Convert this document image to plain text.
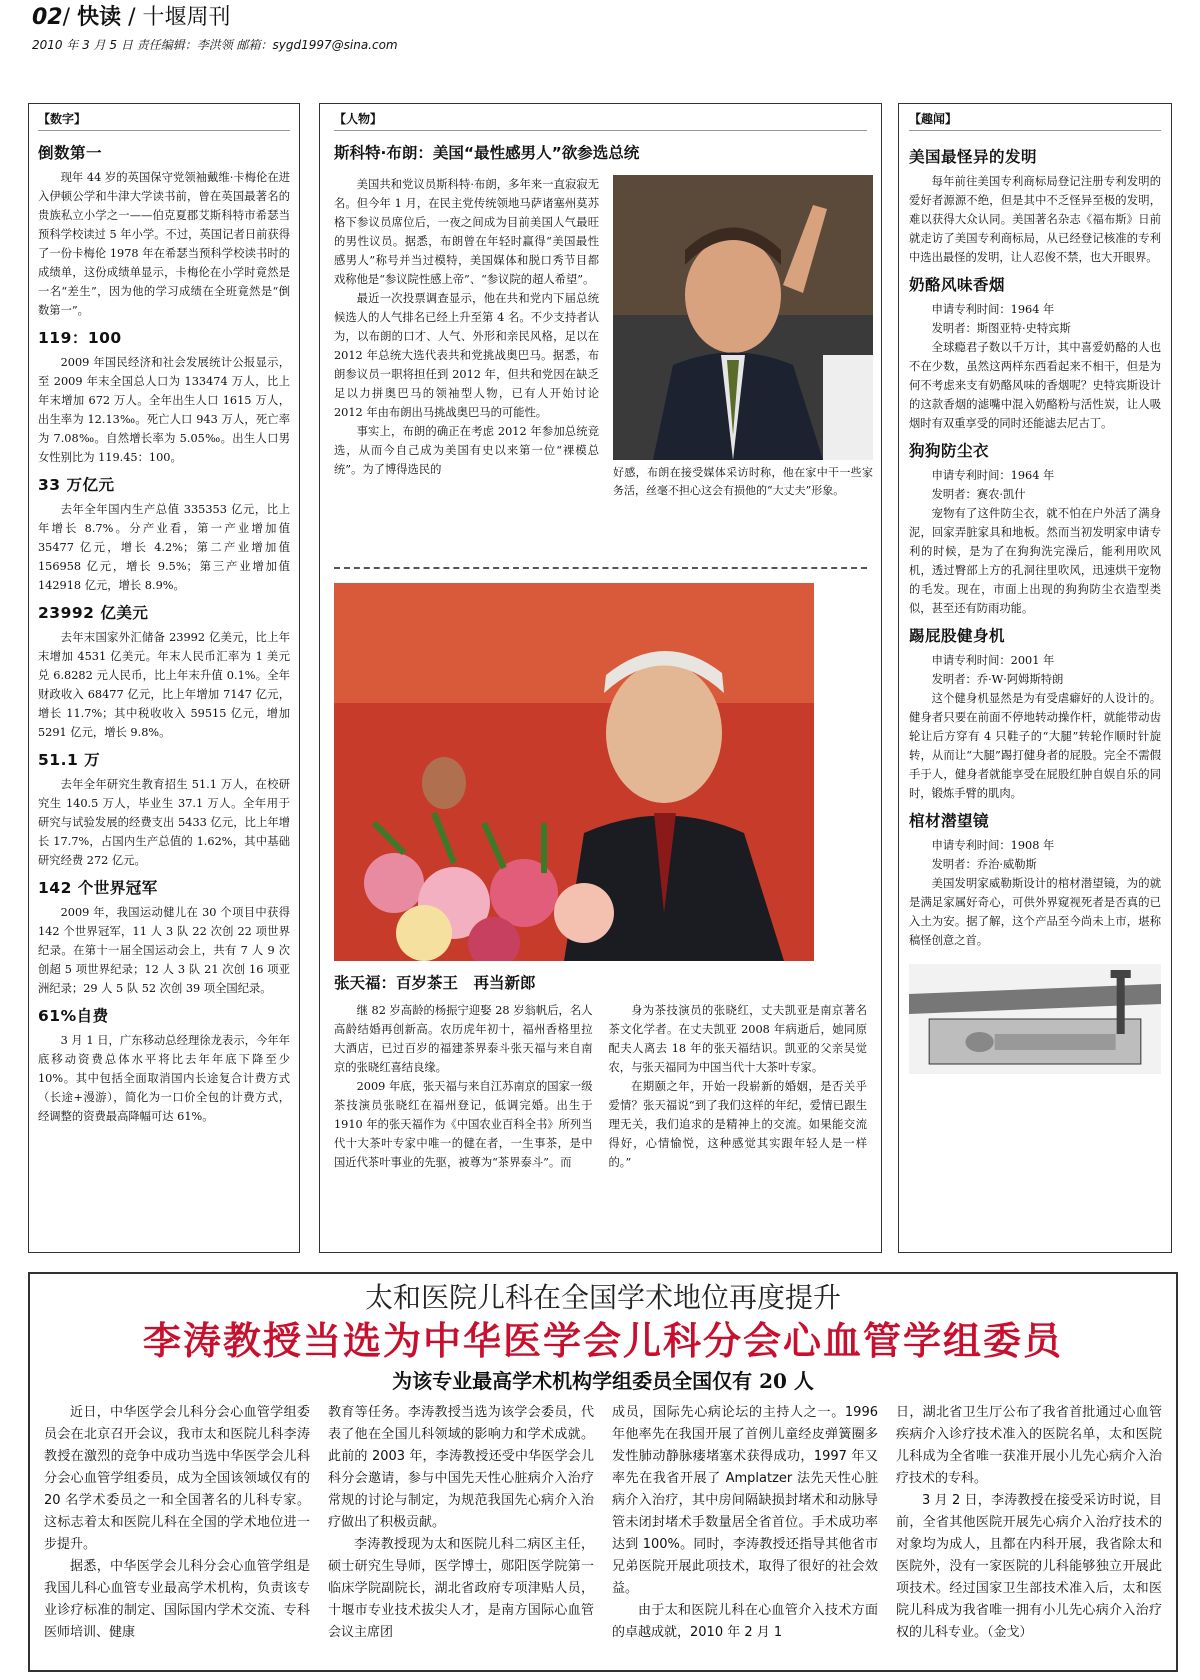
02/ 快读 / 十堰周刊
2010 年 3 月 5 日 责任编辑：李洪领 邮箱：sygd1997@sina.com
【 数字 】
倒数第一
现年 44 岁的英国保守党领袖戴维·卡梅伦在进入伊顿公学和牛津大学读书前，曾在英国最著名的贵族私立小学之一——伯克夏郡艾斯科特市希瑟当预科学校读过 5 年小学。不过，英国记者日前获得了一份卡梅伦 1978 年在希瑟当预科学校读书时的成绩单，这份成绩单显示，卡梅伦在小学时竟然是一名“差生”，因为他的学习成绩在全班竟然是“倒数第一”。
119：100
2009 年国民经济和社会发展统计公报显示，至 2009 年末全国总人口为 133474 万人，比上年末增加 672 万人。全年出生人口 1615 万人，出生率为 12.13‰。死亡人口 943 万人，死亡率为 7.08‰。自然增长率为 5.05‰。出生人口男女性别比为 119.45：100。
33 万亿元
去年全年国内生产总值 335353 亿元，比上年增长 8.7%。分产业看，第一产业增加值 35477 亿元，增长 4.2%；第二产业增加值 156958 亿元，增长 9.5%；第三产业增加值 142918 亿元，增长 8.9%。
23992 亿美元
去年末国家外汇储备 23992 亿美元，比上年末增加 4531 亿美元。年末人民币汇率为 1 美元兑 6.8282 元人民币，比上年末升值 0.1%。全年财政收入 68477 亿元，比上年增加 7147 亿元，增长 11.7%；其中税收收入 59515 亿元，增加 5291 亿元，增长 9.8%。
51.1 万
去年全年研究生教育招生 51.1 万人，在校研究生 140.5 万人，毕业生 37.1 万人。全年用于研究与试验发展的经费支出 5433 亿元，比上年增长 17.7%，占国内生产总值的 1.62%，其中基础研究经费 272 亿元。
142 个世界冠军
2009 年，我国运动健儿在 30 个项目中获得 142 个世界冠军，11 人 3 队 22 次创 22 项世界纪录。在第十一届全国运动会上，共有 7 人 9 次创超 5 项世界纪录；12 人 3 队 21 次创 16 项亚洲纪录；29 人 5 队 52 次创 39 项全国纪录。
61%自费
3 月 1 日，广东移动总经理徐龙表示，今年年底移动资费总体水平将比去年年底下降至少 10%。其中包括全面取消国内长途复合计费方式（长途+漫游），简化为一口价全包的计费方式，经调整的资费最高降幅可达 61%。
【 人物 】
斯科特·布朗：美国“最性感男人”欲参选总统
美国共和党议员斯科特·布朗，多年来一直寂寂无名。但今年 1 月，在民主党传统领地马萨诸塞州莫苏格下参议员席位后，一夜之间成为目前美国人气最旺的男性议员。据悉，布朗曾在年轻时赢得“美国最性感男人”称号并当过模特，美国媒体和脱口秀节目都戏称他是“参议院性感上帝”、“参议院的超人希望”。
最近一次投票调查显示，他在共和党内下届总统候选人的人气排名已经上升至第 4 名。不少支持者认为，以布朗的口才、人气、外形和亲民风格，足以在 2012 年总统大选代表共和党挑战奥巴马。据悉，布朗参议员一职将担任到 2012 年，但共和党因在缺乏足以力拼奥巴马的领袖型人物，已有人开始讨论 2012 年由布朗出马挑战奥巴马的可能性。
事实上，布朗的确正在考虑 2012 年参加总统竞选，从而今自己成为美国有史以来第一位“裸模总统”。为了博得选民的	好感，布朗在接受媒体采访时称，他在家中干一些家务活，丝毫不担心这会有损他的“大丈夫”形象。
张天福：百岁茶王　再当新郎
继 82 岁高龄的杨振宁迎娶 28 岁翁帆后，名人高龄结婚再创新高。农历虎年初十，福州香格里拉大酒店，已过百岁的福建茶界泰斗张天福与来自南京的张晓红喜结良缘。
2009 年底，张天福与来自江苏南京的国家一级茶技演员张晓红在福州登记，低调完婚。出生于 1910 年的张天福作为《中国农业百科全书》所列当代十大茶叶专家中唯一的健在者，一生事茶，是中国近代茶叶事业的先驱，被尊为“茶界泰斗”。而
身为茶技演员的张晓红，丈夫凯亚是南京著名茶文化学者。在丈夫凯亚 2008 年病逝后，她同原配夫人离去 18 年的张天福结识。凯亚的父亲吴觉农，与张天福同为中国当代十大茶叶专家。
在期颐之年，开始一段崭新的婚姻，是否关乎爱情？张天福说“到了我们这样的年纪，爱情已跟生理无关，我们追求的是精神上的交流。如果能交流得好，心情愉悦，这种感觉其实跟年轻人是一样的。”
【 趣闻 】
美国最怪异的发明
每年前往美国专利商标局登记注册专利发明的爱好者源源不绝，但是其中不乏怪异至极的发明，难以获得大众认同。美国著名杂志《福布斯》日前就走访了美国专利商标局，从已经登记核准的专利中选出最怪的发明，让人忍俊不禁，也大开眼界。
奶酪风味香烟
申请专利时间：1964 年
发明者：斯图亚特·史特宾斯
全球瘾君子数以千万计，其中喜爱奶酪的人也不在少数，虽然这两样东西看起来不相干，但是为何不考虑来支有奶酪风味的香烟呢？史特宾斯设计的这款香烟的滤嘴中混入奶酪粉与活性炭，让人吸烟时有双重享受的同时还能滤去尼古丁。
狗狗防尘衣
申请专利时间：1964 年
发明者：赛农·凯什
宠物有了这件防尘衣，就不怕在户外活了满身泥，回家弄脏家具和地板。然而当初发明家申请专利的时候，是为了在狗狗洗完澡后，能利用吹风机，透过臀部上方的孔洞往里吹风，迅速烘干宠物的毛发。现在，市面上出现的狗狗防尘衣造型类似，甚至还有防雨功能。
踢屁股健身机
申请专利时间：2001 年
发明者：乔·W·阿姆斯特朗
这个健身机显然是为有受虐癖好的人设计的。健身者只要在前面不停地转动操作杆，就能带动齿轮让后方穿有 4 只鞋子的“大腿”转轮作顺时针旋转，从而让“大腿”踢打健身者的屁股。完全不需假手于人，健身者就能享受在屁股红肿自娱自乐的同时，锻炼手臂的肌肉。
棺材潜望镜
申请专利时间：1908 年
发明者：乔治·威勒斯
美国发明家威勒斯设计的棺材潜望镜，为的就是满足家属好奇心，可供外界窥视死者是否真的已入土为安。据了解，这个产品至今尚未上市，堪称稿怪创意之首。
太和医院儿科在全国学术地位再度提升
李涛教授当选为中华医学会儿科分会心血管学组委员
为该专业最高学术机构学组委员全国仅有 20 人
近日，中华医学会儿科分会心血管学组委员会在北京召开会议，我市太和医院儿科李涛教授在激烈的竞争中成功当选中华医学会儿科分会心血管学组委员，成为全国该领域仅有的 20 名学术委员之一和全国著名的儿科专家。这标志着太和医院儿科在全国的学术地位进一步提升。
据悉，中华医学会儿科分会心血管学组是我国儿科心血管专业最高学术机构，负责该专业诊疗标准的制定、国际国内学术交流、专科医师培训、健康
教育等任务。李涛教授当选为该学会委员，代表了他在全国儿科领域的影响力和学术成就。此前的 2003 年，李涛教授还受中华医学会儿科分会邀请，参与中国先天性心脏病介入治疗常规的讨论与制定，为规范我国先心病介入治疗做出了积极贡献。
李涛教授现为太和医院儿科二病区主任，硕士研究生导师，医学博士，郧阳医学院第一临床学院副院长，湖北省政府专项津贴人员，十堰市专业技术拔尖人才，是南方国际心血管会议主席团
成员，国际先心病论坛的主持人之一。1996 年他率先在我国开展了首例儿童经皮弹簧圈多发性肺动静脉瘘堵塞术获得成功，1997 年又率先在我省开展了 Amplatzer 法先天性心脏病介入治疗，其中房间隔缺损封堵术和动脉导管未闭封堵术手数量居全省首位。手术成功率达到 100%。同时，李涛教授还指导其他省市兄弟医院开展此项技术，取得了很好的社会效益。
由于太和医院儿科在心血管介入技术方面的卓越成就，2010 年 2 月 1
日，湖北省卫生厅公布了我省首批通过心血管疾病介入诊疗技术准入的医院名单，太和医院儿科成为全省唯一获准开展小儿先心病介入治疗技术的专科。
3 月 2 日，李涛教授在接受采访时说，目前，全省其他医院开展先心病介入治疗技术的对象均为成人，且都在内科开展，我省除太和医院外，没有一家医院的儿科能够独立开展此项技术。经过国家卫生部技术准入后，太和医院儿科成为我省唯一拥有小儿先心病介入治疗权的儿科专业。（金戈）
